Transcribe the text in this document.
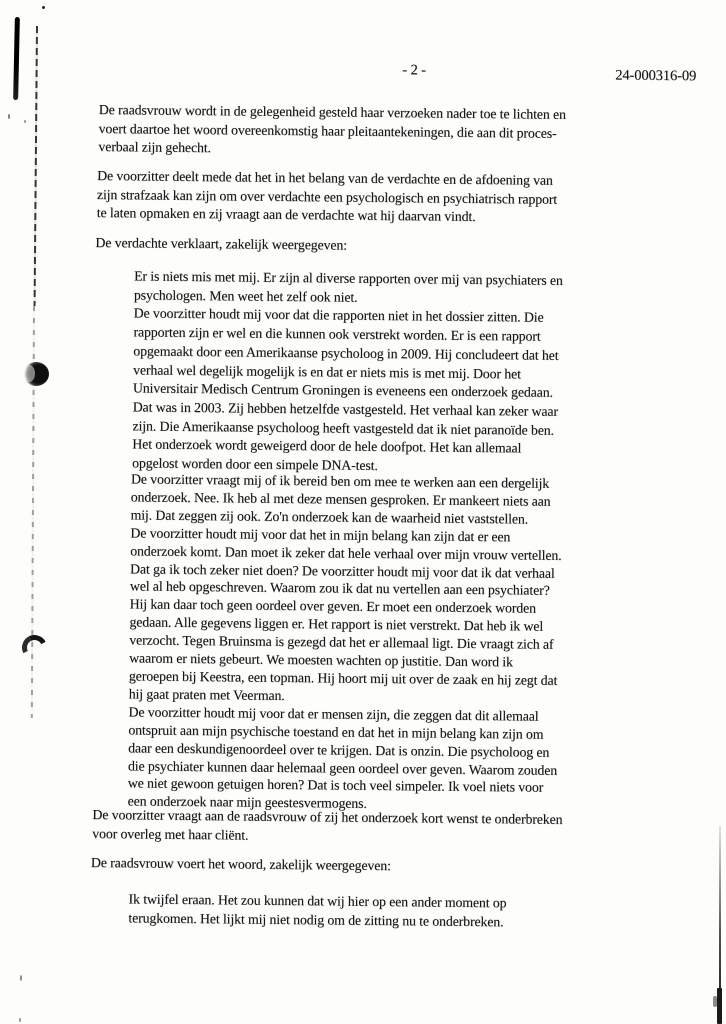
- 2 -	24-000316-09
De raadsvrouw wordt in de gelegenheid gesteld haar verzoeken nader toe te lichten en
voert daartoe het woord overeenkomstig haar pleitaantekeningen, die aan dit proces-
verbaal zijn gehecht.
De voorzitter deelt mede dat het in het belang van de verdachte en de afdoening van
zijn strafzaak kan zijn om over verdachte een psychologisch en psychiatrisch rapport
te laten opmaken en zij vraagt aan de verdachte wat hij daarvan vindt.
De verdachte verklaart, zakelijk weergegeven:
Er is niets mis met mij. Er zijn al diverse rapporten over mij van psychiaters en
psychologen. Men weet het zelf ook niet.
De voorzitter houdt mij voor dat die rapporten niet in het dossier zitten. Die
rapporten zijn er wel en die kunnen ook verstrekt worden. Er is een rapport
opgemaakt door een Amerikaanse psycholoog in 2009. Hij concludeert dat het
verhaal wel degelijk mogelijk is en dat er niets mis is met mij. Door het
Universitair Medisch Centrum Groningen is eveneens een onderzoek gedaan.
Dat was in 2003. Zij hebben hetzelfde vastgesteld. Het verhaal kan zeker waar
zijn. Die Amerikaanse psycholoog heeft vastgesteld dat ik niet paranoïde ben.
Het onderzoek wordt geweigerd door de hele doofpot. Het kan allemaal
opgelost worden door een simpele DNA-test.
De voorzitter vraagt mij of ik bereid ben om mee te werken aan een dergelijk
onderzoek. Nee. Ik heb al met deze mensen gesproken. Er mankeert niets aan
mij. Dat zeggen zij ook. Zo'n onderzoek kan de waarheid niet vaststellen.
De voorzitter houdt mij voor dat het in mijn belang kan zijn dat er een
onderzoek komt. Dan moet ik zeker dat hele verhaal over mijn vrouw vertellen.
Dat ga ik toch zeker niet doen? De voorzitter houdt mij voor dat ik dat verhaal
wel al heb opgeschreven. Waarom zou ik dat nu vertellen aan een psychiater?
Hij kan daar toch geen oordeel over geven. Er moet een onderzoek worden
gedaan. Alle gegevens liggen er. Het rapport is niet verstrekt. Dat heb ik wel
verzocht. Tegen Bruinsma is gezegd dat het er allemaal ligt. Die vraagt zich af
waarom er niets gebeurt. We moesten wachten op justitie. Dan word ik
geroepen bij Keestra, een topman. Hij hoort mij uit over de zaak en hij zegt dat
hij gaat praten met Veerman.
De voorzitter houdt mij voor dat er mensen zijn, die zeggen dat dit allemaal
ontspruit aan mijn psychische toestand en dat het in mijn belang kan zijn om
daar een deskundigenoordeel over te krijgen. Dat is onzin. Die psycholoog en
die psychiater kunnen daar helemaal geen oordeel over geven. Waarom zouden
we niet gewoon getuigen horen? Dat is toch veel simpeler. Ik voel niets voor
een onderzoek naar mijn geestesvermogens.
De voorzitter vraagt aan de raadsvrouw of zij het onderzoek kort wenst te onderbreken
voor overleg met haar cliënt.
De raadsvrouw voert het woord, zakelijk weergegeven:
Ik twijfel eraan. Het zou kunnen dat wij hier op een ander moment op
terugkomen. Het lijkt mij niet nodig om de zitting nu te onderbreken.
